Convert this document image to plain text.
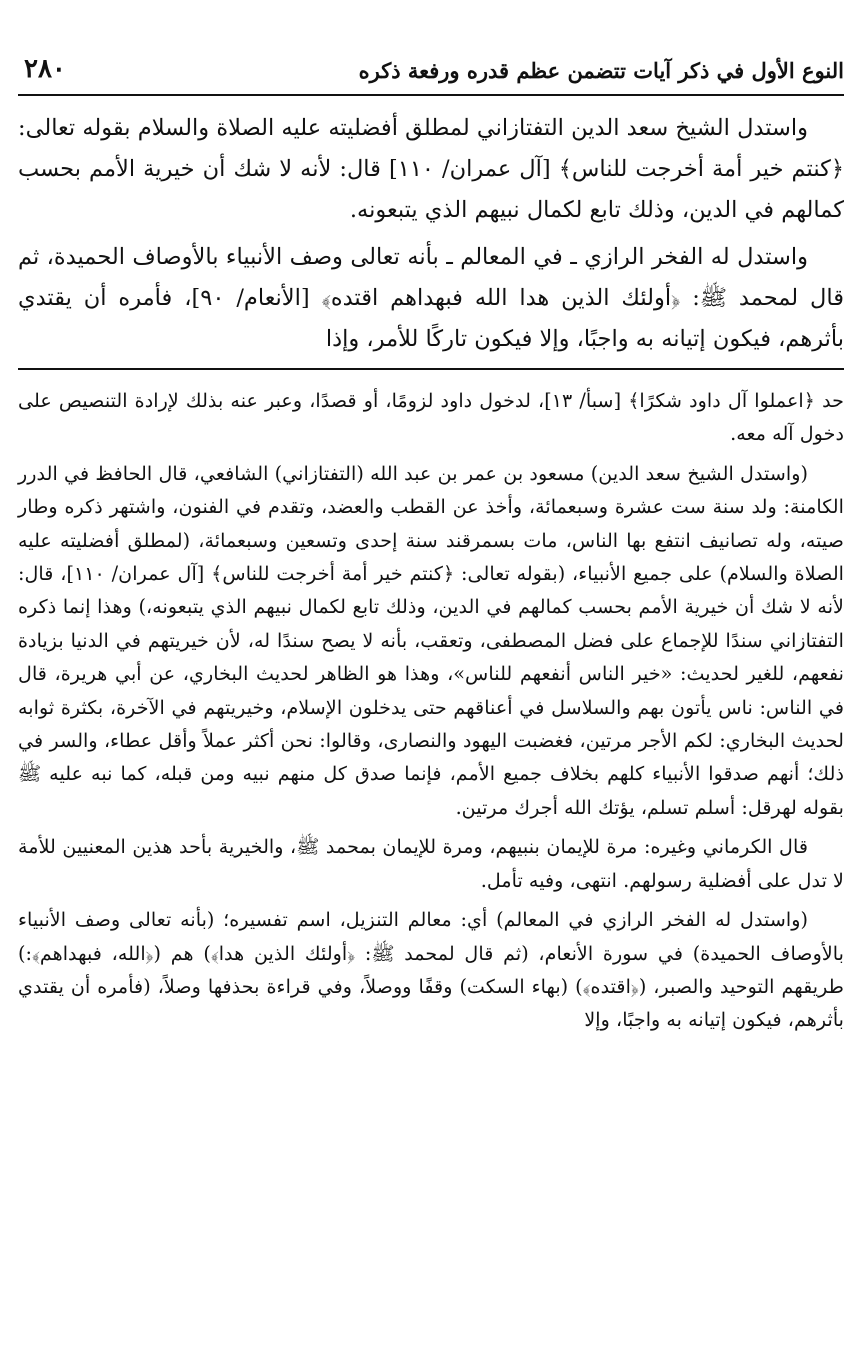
النوع الأول في ذكر آيات تتضمن عظم قدره ورفعة ذكره
٢٨٠

واستدل الشيخ سعد الدين التفتازاني لمطلق أفضليته عليه الصلاة والسلام بقوله تعالى: ﴿كنتم خير أمة أخرجت للناس﴾ [آل عمران/ ١١٠] قال: لأنه لا شك أن خيرية الأمم بحسب كمالهم في الدين، وذلك تابع لكمال نبيهم الذي يتبعونه.

واستدل له الفخر الرازي ـ في المعالم ـ بأنه تعالى وصف الأنبياء بالأوصاف الحميدة، ثم قال لمحمد ﷺ: ﴿أولئك الذين هدا الله فبهداهم اقتده﴾ [الأنعام/ ٩٠]، فأمره أن يقتدي بأثرهم، فيكون إتيانه به واجبًا، وإلا فيكون تاركًا للأمر، وإذا

حد ﴿اعملوا آل داود شكرًا﴾ [سبأ/ ١٣]، لدخول داود لزومًا، أو قصدًا، وعبر عنه بذلك لإرادة التنصيص على دخول آله معه.

(واستدل الشيخ سعد الدين) مسعود بن عمر بن عبد الله (التفتازاني) الشافعي، قال الحافظ في الدرر الكامنة: ولد سنة ست عشرة وسبعمائة، وأخذ عن القطب والعضد، وتقدم في الفنون، واشتهر ذكره وطار صيته، وله تصانيف انتفع بها الناس، مات بسمرقند سنة إحدى وتسعين وسبعمائة، (لمطلق أفضليته عليه الصلاة والسلام) على جميع الأنبياء، (بقوله تعالى: ﴿كنتم خير أمة أخرجت للناس﴾ [آل عمران/ ١١٠]، قال: لأنه لا شك أن خيرية الأمم بحسب كمالهم في الدين، وذلك تابع لكمال نبيهم الذي يتبعونه،) وهذا إنما ذكره التفتازاني سندًا للإجماع على فضل المصطفى، وتعقب، بأنه لا يصح سندًا له، لأن خيريتهم في الدنيا بزيادة نفعهم، للغير لحديث: «خير الناس أنفعهم للناس»، وهذا هو الظاهر لحديث البخاري، عن أبي هريرة، قال في الناس: ناس يأتون بهم والسلاسل في أعناقهم حتى يدخلون الإسلام، وخيريتهم في الآخرة، بكثرة ثوابه لحديث البخاري: لكم الأجر مرتين، فغضبت اليهود والنصارى، وقالوا: نحن أكثر عملاً وأقل عطاء، والسر في ذلك؛ أنهم صدقوا الأنبياء كلهم بخلاف جميع الأمم، فإنما صدق كل منهم نبيه ومن قبله، كما نبه عليه ﷺ بقوله لهرقل: أسلم تسلم، يؤتك الله أجرك مرتين.

قال الكرماني وغيره: مرة للإيمان بنبيهم، ومرة للإيمان بمحمد ﷺ، والخيرية بأحد هذين المعنيين للأمة لا تدل على أفضلية رسولهم. انتهى، وفيه تأمل.

(واستدل له الفخر الرازي في المعالم) أي: معالم التنزيل، اسم تفسيره؛ (بأنه تعالى وصف الأنبياء بالأوصاف الحميدة) في سورة الأنعام، (ثم قال لمحمد ﷺ: ﴿أولئك الذين هدا﴾) هم (﴿الله، فبهداهم﴾:) طريقهم التوحيد والصبر، (﴿اقتده﴾) (بهاء السكت) وقفًا ووصلاً، وفي قراءة بحذفها وصلاً، (فأمره أن يقتدي بأثرهم، فيكون إتيانه به واجبًا، وإلا
